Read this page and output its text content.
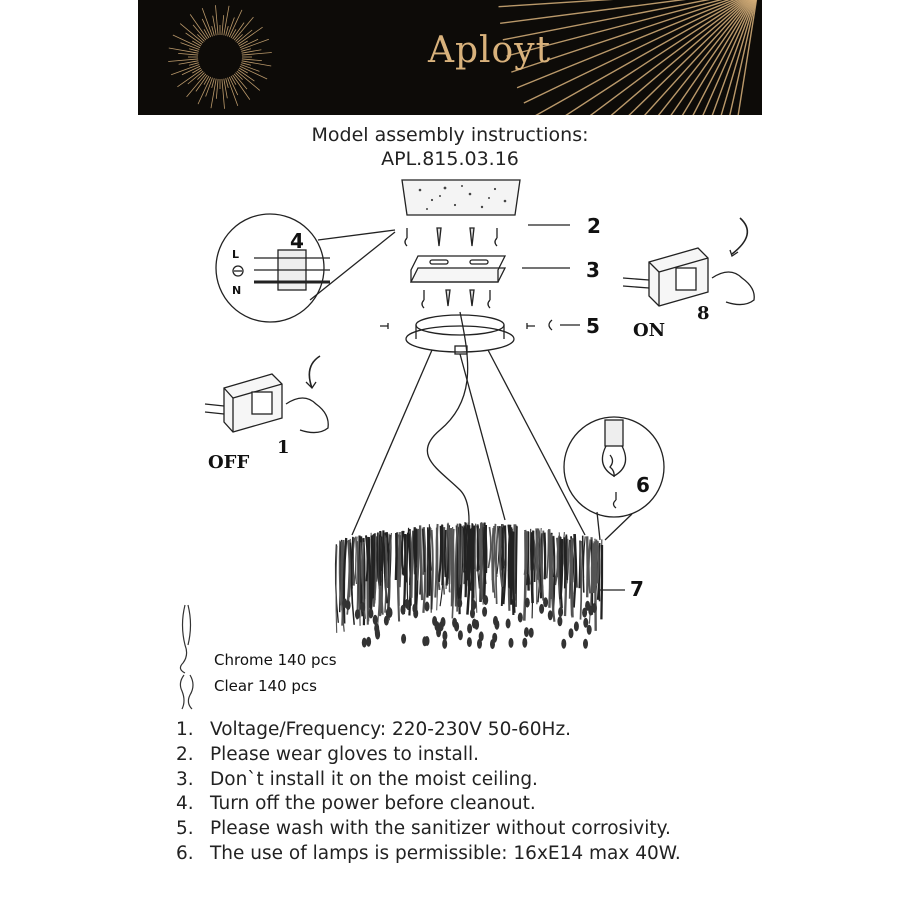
Aployt
Model assembly instructions:
APL.815.03.16
2
3
4
5
6
7
8
1
ON
OFF
L
N
Chrome 140 pcs
Clear 140 pcs
1. Voltage/Frequency: 220-230V 50-60Hz.
2. Please wear gloves to install.
3. Don`t install it on the moist ceiling.
4. Turn off the power before cleanout.
5. Please wash with the sanitizer without corrosivity.
6. The use of lamps is permissible: 16xE14 max 40W.
